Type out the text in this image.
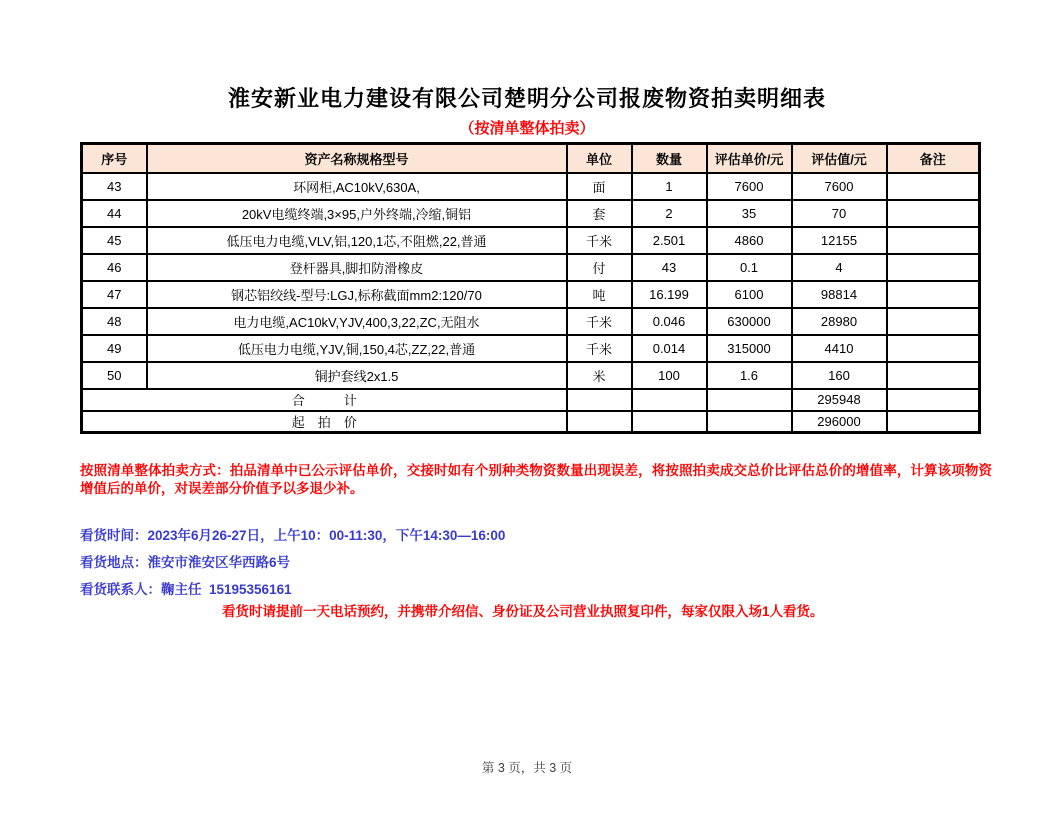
淮安新业电力建设有限公司楚明分公司报废物资拍卖明细表
（按清单整体拍卖）
序号	资产名称规格型号	单位	数量	评估单价/元	评估值/元	备注
43	环网柜,AC10kV,630A,	面	1	7600	7600	
44	20kV电缆终端,3×95,户外终端,冷缩,铜铝	套	2	35	70	
45	低压电力电缆,VLV,铝,120,1芯,不阻燃,22,普通	千米	2.501	4860	12155	
46	登杆器具,脚扣防滑橡皮	付	43	0.1	4	
47	钢芯铝绞线-型号:LGJ,标称截面mm2:120/70	吨	16.199	6100	98814	
48	电力电缆,AC10kV,YJV,400,3,22,ZC,无阻水	千米	0.046	630000	28980	
49	低压电力电缆,YJV,铜,150,4芯,ZZ,22,普通	千米	0.014	315000	4410	
50	铜护套线2x1.5	米	100	1.6	160	
合　　　计					295948	
起　拍　价					296000	
按照清单整体拍卖方式：拍品清单中已公示评估单价，交接时如有个别种类物资数量出现误差，将按照拍卖成交总价比评估总价的增值率，计算该项物资增值后的单价，对误差部分价值予以多退少补。
看货时间：2023年6月26-27日，上午10：00-11:30，下午14:30—16:00
看货地点：淮安市淮安区华西路6号
看货联系人：鞠主任  15195356161
看货时请提前一天电话预约，并携带介绍信、身份证及公司营业执照复印件，每家仅限入场1人看货。
第 3 页，共 3 页
